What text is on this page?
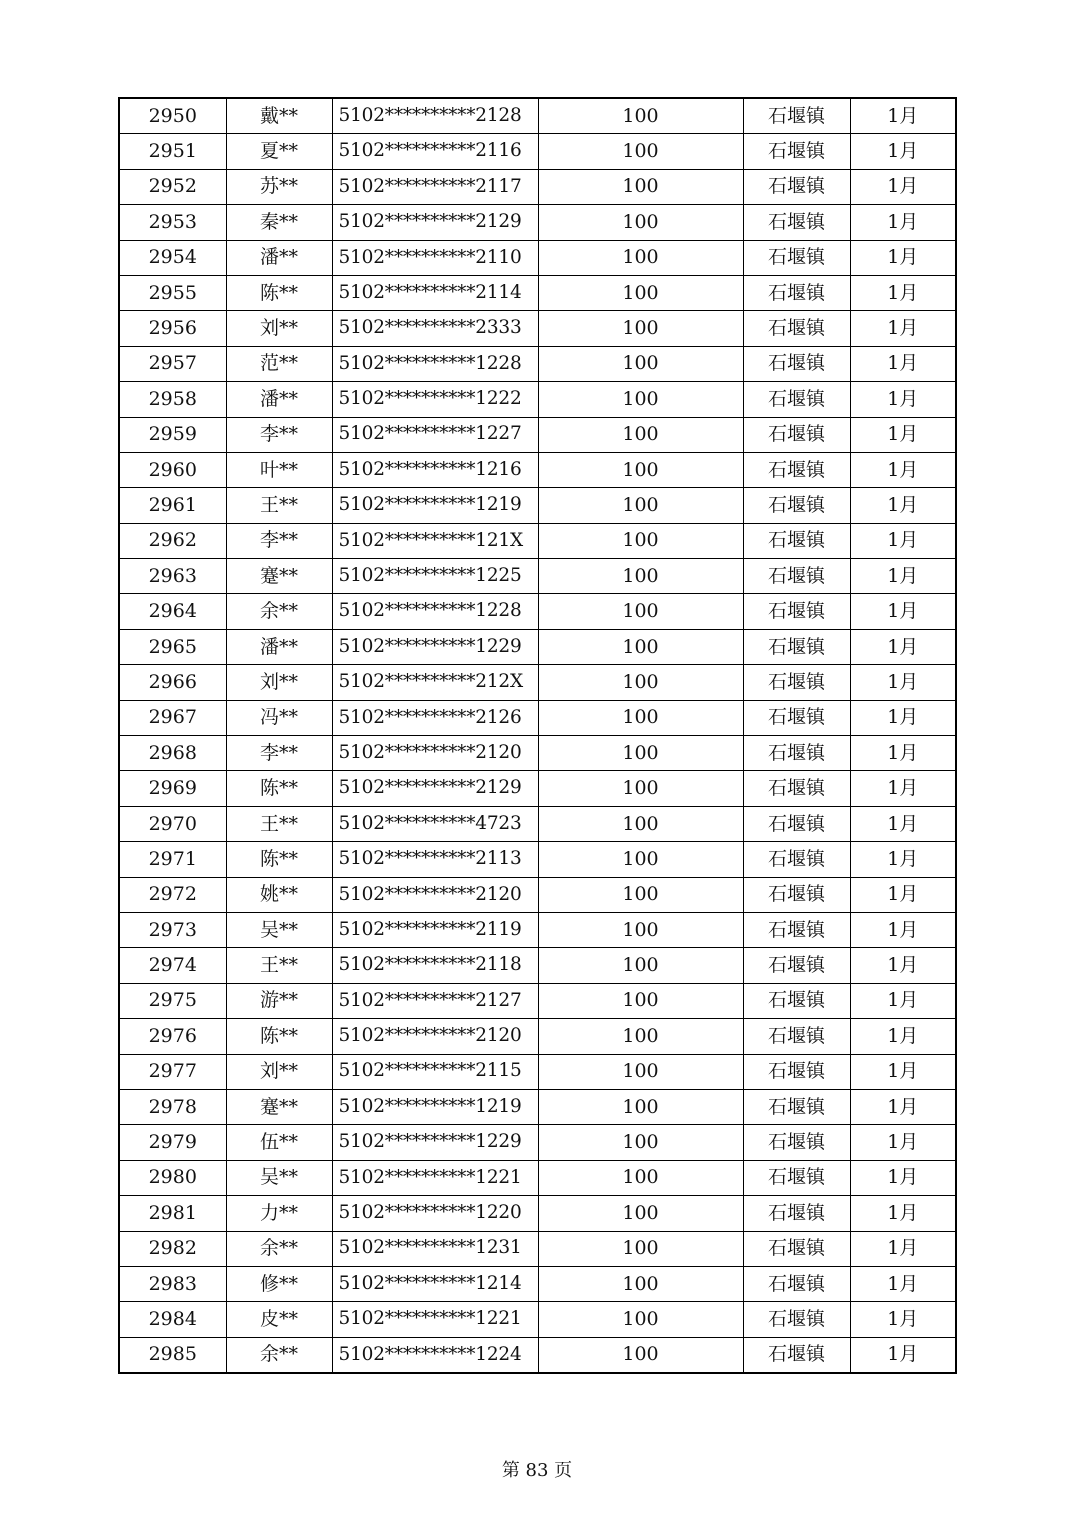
2950	戴**	5102**********2128	100	石堰镇	1月
2951	夏**	5102**********2116	100	石堰镇	1月
2952	苏**	5102**********2117	100	石堰镇	1月
2953	秦**	5102**********2129	100	石堰镇	1月
2954	潘**	5102**********2110	100	石堰镇	1月
2955	陈**	5102**********2114	100	石堰镇	1月
2956	刘**	5102**********2333	100	石堰镇	1月
2957	范**	5102**********1228	100	石堰镇	1月
2958	潘**	5102**********1222	100	石堰镇	1月
2959	李**	5102**********1227	100	石堰镇	1月
2960	叶**	5102**********1216	100	石堰镇	1月
2961	王**	5102**********1219	100	石堰镇	1月
2962	李**	5102**********121X	100	石堰镇	1月
2963	蹇**	5102**********1225	100	石堰镇	1月
2964	余**	5102**********1228	100	石堰镇	1月
2965	潘**	5102**********1229	100	石堰镇	1月
2966	刘**	5102**********212X	100	石堰镇	1月
2967	冯**	5102**********2126	100	石堰镇	1月
2968	李**	5102**********2120	100	石堰镇	1月
2969	陈**	5102**********2129	100	石堰镇	1月
2970	王**	5102**********4723	100	石堰镇	1月
2971	陈**	5102**********2113	100	石堰镇	1月
2972	姚**	5102**********2120	100	石堰镇	1月
2973	吴**	5102**********2119	100	石堰镇	1月
2974	王**	5102**********2118	100	石堰镇	1月
2975	游**	5102**********2127	100	石堰镇	1月
2976	陈**	5102**********2120	100	石堰镇	1月
2977	刘**	5102**********2115	100	石堰镇	1月
2978	蹇**	5102**********1219	100	石堰镇	1月
2979	伍**	5102**********1229	100	石堰镇	1月
2980	吴**	5102**********1221	100	石堰镇	1月
2981	力**	5102**********1220	100	石堰镇	1月
2982	余**	5102**********1231	100	石堰镇	1月
2983	修**	5102**********1214	100	石堰镇	1月
2984	皮**	5102**********1221	100	石堰镇	1月
2985	余**	5102**********1224	100	石堰镇	1月
第 83 页
